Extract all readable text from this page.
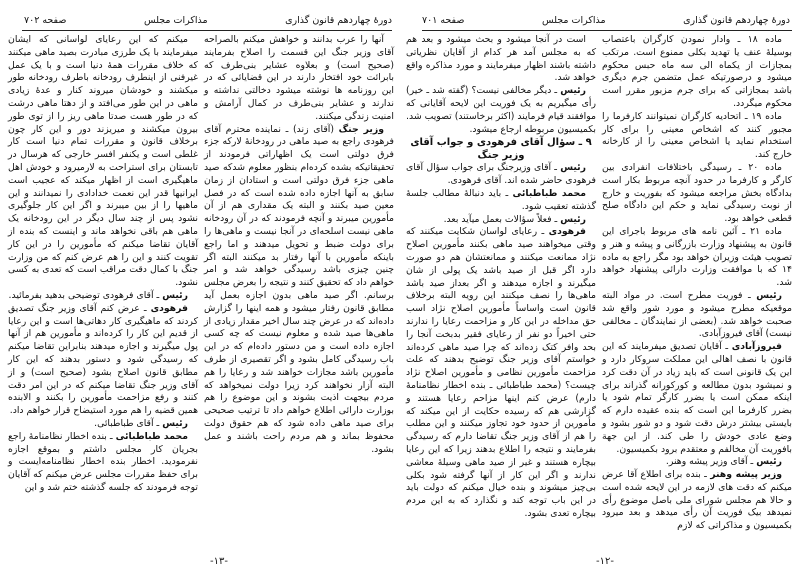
دورهٔ چهاردهم قانون گذاری
مذاکرات مجلس
صفحه ۷۰۲

آنها را عرب بدانند و خواهش میکنم بالصراحه آقای وزیر جنگ این قسمت را اصلاح بفرمایند (صحیح است) و بعلاوه عشایر بنی‌طرف که بابرائت خود افتخار دارند در این قضایائی که در این روزنامه ها نوشته میشود دخالتی نداشته و ندارند و عشایر بنی‌طرف در کمال آرامش و امنیت زندگی میکنند.

وزیر جنگ (آقای زند) ـ نماینده محترم آقای فرهودی راجع به صید ماهی در رودخانهٔ لارکه جزء فرق دولتی است یک اظهاراتی فرمودند از تحقیقاتیکه بشده کرده‌ام بنظور معلوم شدکه صید ماهی جزء فرق دولتی است و استادان از زمان سابق به آنها اجازه داده شده است که در فصل معین صید بکنند و البته یک مقداری هم از آن مأمورین میبرند و آنچه فرمودند که در آن رودخانه ماهی نیست اسلحه‌ای در آنجا نیست و ماهی‌ها را برای دولت ضبط و تحویل میدهند و اما راجع باینکه مأمورین با آنها رفتار بد میکنند البته اگر چنین چیزی باشد رسیدگی خواهد شد و امر خواهم داد که تحقیق کنند و نتیجه را بعرض مجلس برسانم. اگر صید ماهی بدون اجازه بعمل آید مطابق قانون رفتار میشود و همه اینها را گزارش داده‌اند که در عرض چند سال اخیر مقدار زیادی از ماهی‌ها صید شده و معلوم نیست که چه کسی اجازه داده است و من دستور داده‌ام که در این باب رسیدگی کامل بشود و اگر تقصیری از طرف مأمورین باشد مجازات خواهند شد و رعایا را هم البته آزار نخواهند کرد زیرا دولت نمیخواهد که مردم بیجهت اذیت بشوند و این موضوع را هم بوزارت دارائی اطلاع خواهم داد تا ترتیب صحیحی برای صید ماهی داده شود که هم حقوق دولت محفوظ بماند و هم مردم راحت باشند و عمل بشود.

میکنم که این رعایای لواسانی که ایشان میفرمایند با یک طرزی مبادرت بصید ماهی میکنند که خلاف مقررات همهٔ دنیا است و با یک عمل غیرفنی از اینطرف رودخانه باطرف رودخانه طور میکشند و خودشان میروند کنار و عدهٔ زیادی ماهی در این طور می‌افتد و از دهتا ماهی درشت که در طور هست صدتا ماهی ریز را از توی طور بیرون میکشند و میریزند دور و این کار چون برخلاف قانون و مقررات تمام دنیا است کار غلطی است و یکنفر افسر خارجی که هرسال در تابستان برای استراحت به لارمیرود و خودش اهل ماهیگیری است از اظهار میکند که عجیب است ایرانیها قدر این نعمت خدادادی را نمیدانند و این ماهیها را از بین میبرند و اگر این کار جلوگیری نشود پس از چند سال دیگر در این رودخانه یک ماهی هم باقی نخواهد ماند و اینست که بنده از آقایان تقاضا میکنم که مأمورین را در این کار تقویت کنند و این را هم عرض کنم که من وزارت جنگ با کمال دقت مراقب است که تعدی به کسی نشود.

رئیس ـ آقای فرهودی توضیحی بدهید بفرمائید.

فرهودی ـ عرض کنم آقای وزیر جنگ تصدیق کردند که ماهیگیری کار دهاتی‌ها است و این رعایا از قدیم این کار را کرده‌اند و مأمورین هم از آنها پول میگیرند و اجازه میدهند بنابراین تقاضا میکنم که رسیدگی شود و دستور بدهند که این کار مطابق قانون اصلاح بشود (صحیح است) و از آقای وزیر جنگ تقاضا میکنم که در این امر دقت کنند و رفع مزاحمت مأمورین را بکنند و الابنده همین قضیه را هم مورد استیضاح قرار خواهم داد.

رئیس ـ آقای طباطبائی.

محمد طباطبائی ـ بنده اخطار نظامنامهٔ راجع بجریان کار مجلس داشتم و بموقع اجازه نفرمودید. اخطار بنده اخطار نظامنامه‌ایست و برای حفظ مقررات مجلس عرض میکنم که آقایان توجه فرمودند که جلسه گذشته ختم شد و این

-۱۳-
دورهٔ چهاردهم قانون گذاری
مذاکرات مجلس
صفحه ۷۰۱

ماده ۱۸ ـ وادار نمودن کارگران باعتصاب بوسیلهٔ عنف یا تهدید بکلی ممنوع است. مرتکب بمجازات از یکماه الی سه ماه حبس محکوم میشود و درصورتیکه عمل متضمن جرم دیگری باشد بمجازاتی که برای جرم مزبور مقرر است محکوم میگردد.

ماده ۱۹ ـ اتحادیه کارگران نمیتوانند کارفرما را مجبور کنند که اشخاص معینی را برای کار استخدام نماید یا اشخاص معینی را از کارخانه خارج کند.

ماده ۲۰ ـ رسیدگی باختلافات انفرادی بین کارگر و کارفرما در حدود آنچه مربوط بکار است بدادگاه بخش مراجعه میشود که بفوریت و خارج از نوبت رسیدگی نماید و حکم این دادگاه صلح قطعی خواهد بود.

ماده ۲۱ ـ آئین نامه های مربوط باجرای این قانون به پیشنهاد وزارت بازرگانی و پیشه و هنر و تصویب هیئت وزیران خواهد بود مگر راجع به ماده ۱۴ که با موافقت وزارت دارائی پیشنهاد خواهد شد.

رئیس ـ فوریت مطرح است. در مواد البته موقعیکه مطرح میشود و مورد شور واقع شد صحبت خواهد شد. (بعضی از نمایندگان ـ مخالفی نیست) آقای فیروزآبادی.

فیروزآبادی ـ آقایان تصدیق میفرمایند که این قانون با نصف اهالی این مملکت سروکار دارد و این یک قانونی است که باید زیاد در آن دقت کرد و نمیشود بدون مطالعه و کورکورانه گذراند برای اینکه ممکن است یا بضرر کارگر تمام شود یا بضرر کارفرما این است که بنده عقیده دارم که بایستی بیشتر درش دقت شود و دو شور بشود و وضع عادی خودش را طی کند. از این جهة بافوریت آن مخالفم و معتقدم برود بکمیسیون.

رئیس ـ آقای وزیر پیشه وهنر.

وزیر پیشه وهنر ـ بنده برای اطلاع آقا عرض میکنم که دقت های لازمه در این لایحه شده است و حالا هم مجلس شورای ملی باصل موضوع رأی نمیدهد بیک فوریت آن رأی میدهد و بعد میرود بکمیسیون و مذاکراتی که لازم

است در آنجا میشود و بحث میشود و بعد هم که به مجلس آمد هر کدام از آقایان نظریاتی داشته باشند اظهار میفرمایند و مورد مذاکره واقع خواهد شد.

رئیس ـ دیگر مخالفی نیست؟ (گفته شد ـ خیر) رأی میگیریم به یک فوریت این لایحه آقایانی که موافقند قیام فرمایند (اکثر برخاستند) تصویب شد. بکمیسیون مربوطه ارجاع میشود.

۹ ـ سؤال آقای فرهودی و جواب آقای وزیر جنگ

رئیس ـ آقای وزیرجنگ برای جواب سؤال آقای فرهودی حاضر شده اند. آقای فرهودی.

محمد طباطبائی ـ باید دنبالهٔ مطالب جلسهٔ گذشته تعقیب شود.

رئیس ـ فعلاً سؤالات بعمل میآید بعد.

فرهودی ـ رعایای لواسان شکایت میکنند که وقتی میخواهند صید ماهی بکنند مأمورین اصلاح نژاد ممانعت میکنند و ممانعتشان هم دو صورت دارد اگر قبل از صید باشد یک پولی از شان میگیرند و اجازه میدهند و اگر بعداز صید باشد ماهی‌ها را نصف میکنند این رویه البته برخلاف قانون است واساساً مأمورین اصلاح نژاد اسب حق مداخله در این کار و مزاحمت رعایا را ندارند حتی اخیراً دو نفر از رعایای فقیر بدبخت آنجا را بحد وافر کتک زده‌اند که چرا صید ماهی کرده‌اند خواستم آقای وزیر جنگ توضیح بدهند که علت مزاحمت مأمورین نظامی و مأمورین اصلاح نژاد چیست؟ (محمد طباطبائی ـ بنده اخطار نظامنامهٔ دارم) عرض کنم اینها مزاحم رعایا هستند و گزارشی هم که رسیده حکایت از این میکند که مأمورین از حدود خود تجاوز میکنند و این مطلب را هم از آقای وزیر جنگ تقاضا دارم که رسیدگی بفرمایند و نتیجه را اطلاع بدهند زیرا که این رعایا بیچاره هستند و غیر از صید ماهی وسیلهٔ معاشی ندارند و اگر این کار از آنها گرفته شود بکلی بی‌چیز میشوند و بنده خیال میکنم که دولت باید در این باب توجه کند و نگذارد که به این مردم بیچاره تعدی بشود.

-۱۲-
